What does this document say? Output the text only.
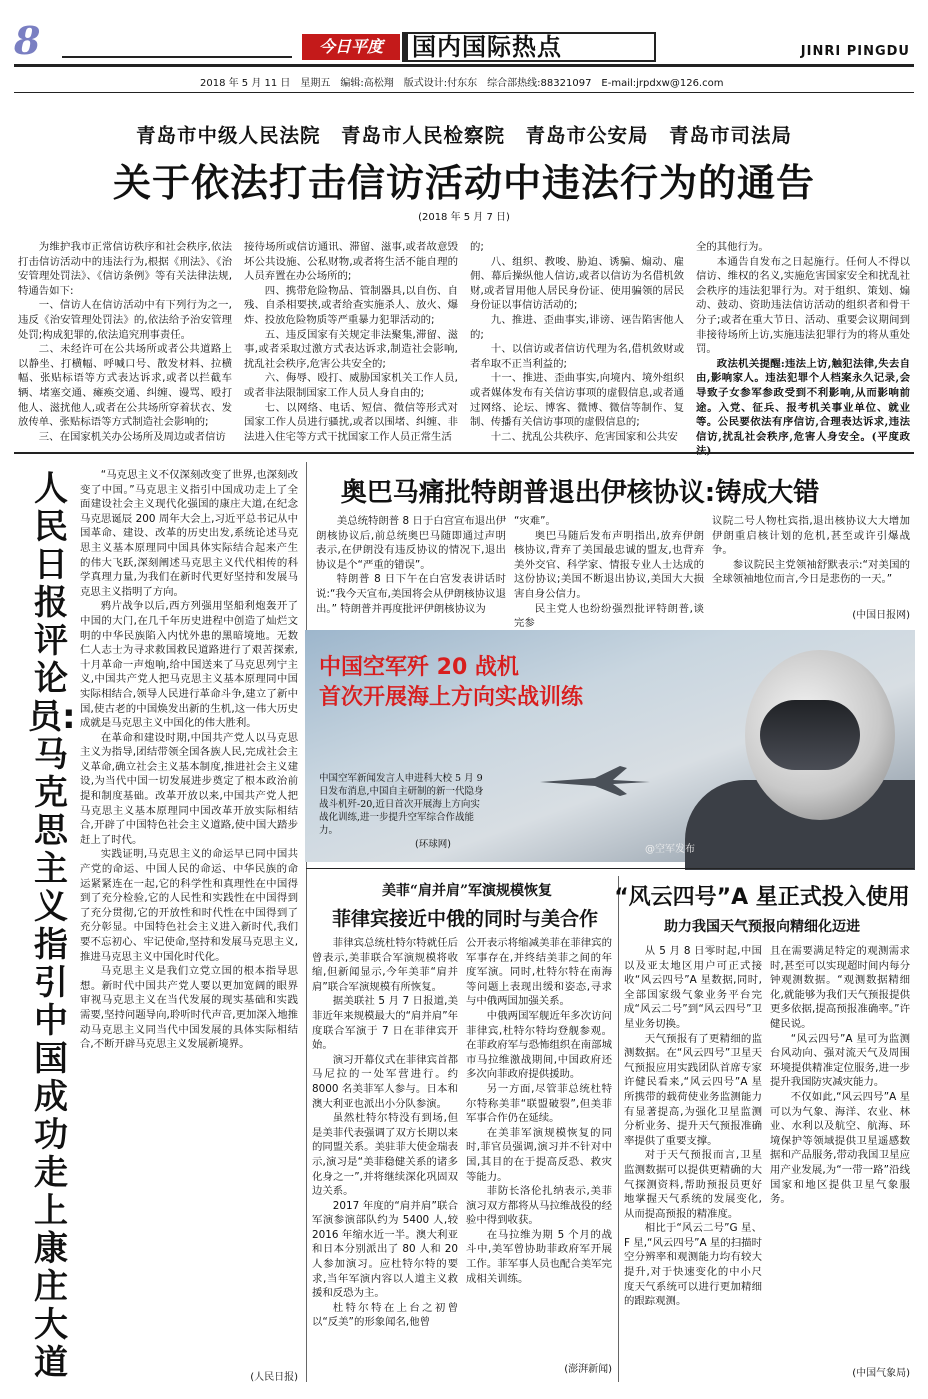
8	今日平度	国内国际热点	JINRI PINGDU
2018 年 5 月 11 日　星期五　编辑:高松翔　版式设计:付东东　综合部热线:88321097　E-mail:jrpdxw@126.com
青岛市中级人民法院　青岛市人民检察院　青岛市公安局　青岛市司法局
关于依法打击信访活动中违法行为的通告
(2018 年 5 月 7 日)

为维护我市正常信访秩序和社会秩序,依法打击信访活动中的违法行为,根据《刑法》、《治安管理处罚法》、《信访条例》等有关法律法规,特通告如下:

一、信访人在信访活动中有下列行为之一,违反《治安管理处罚法》的,依法给予治安管理处罚;构成犯罪的,依法追究刑事责任。

二、未经许可在公共场所或者公共道路上以静坐、打横幅、呼喊口号、散发材料、拉横幅、张贴标语等方式表达诉求,或者以拦截车辆、堵塞交通、瘫痪交通、纠缠、谩骂、殴打他人、滋扰他人,或者在公共场所穿着状衣、发放传单、张贴标语等方式制造社会影响的;

三、在国家机关办公场所及周边或者信访

接待场所或信访通讯、滞留、滋事,或者故意毁坏公共设施、公私财物,或者将生活不能自理的人员弃置在办公场所的;

四、携带危险物品、管制器具,以自伤、自残、自杀相要挟,或者给查实施杀人、放火、爆炸、投放危险物质等严重暴力犯罪活动的;

五、违反国家有关规定非法聚集,滞留、滋事,或者采取过激方式表达诉求,制造社会影响,扰乱社会秩序,危害公共安全的;

六、侮辱、殴打、威胁国家机关工作人员,或者非法限制国家工作人员人身自由的;

七、以网络、电话、短信、微信等形式对国家工作人员进行骚扰,或者以围堵、纠缠、非法进入住宅等方式干扰国家工作人员正常生活

的;

八、组织、教唆、胁迫、诱骗、煽动、雇佣、幕后操纵他人信访,或者以信访为名借机敛财,或者冒用他人居民身份证、使用骗领的居民身份证以事信访活动的;

九、推进、歪曲事实,诽谤、诬告陷害他人的;

十、以信访或者信访代理为名,借机敛财或者牟取不正当利益的;

十一、推进、歪曲事实,向境内、境外组织或者媒体发布有关信访事项的虚假信息,或者通过网络、论坛、博客、微博、微信等制作、复制、传播有关信访事项的虚假信息的;

十二、扰乱公共秩序、危害国家和公共安

全的其他行为。

本通告自发布之日起施行。任何人不得以信访、维权的名义,实施危害国家安全和扰乱社会秩序的违法犯罪行为。对于组织、策划、煽动、鼓动、资助违法信访活动的组织者和骨干分子;或者在重大节日、活动、重要会议期间到非接待场所上访,实施违法犯罪行为的将从重处罚。

政法机关提醒:违法上访,触犯法律,失去自由,影响家人。违法犯罪个人档案永久记录,会导致子女参军参政受到不利影响,从而影响前途。入党、征兵、报考机关事业单位、就业等。公民要依法有序信访,合理表达诉求,违法信访,扰乱社会秩序,危害人身安全。(平度政

人民日报评论员:马克思主义指引中国成功走上康庄大道

“马克思主义不仅深刻改变了世界,也深刻改变了中国。”马克思主义指引中国成功走上了全面建设社会主义现代化强国的康庄大道,在纪念马克思诞辰 200 周年大会上,习近平总书记从中国革命、建设、改革的历史出发,系统论述马克思主义基本原理同中国具体实际结合起来产生的伟大飞跃,深刻阐述马克思主义代代相传的科学真理力量,为我们在新时代更好坚持和发展马克思主义指明了方向。

鸦片战争以后,西方列强用坚船利炮轰开了中国的大门,在几千年历史进程中创造了灿烂文明的中华民族陷入内忧外患的黑暗境地。无数仁人志士为寻求救国救民道路进行了艰苦探索,十月革命一声炮响,给中国送来了马克思列宁主义,中国共产党人把马克思主义基本原理同中国实际相结合,领导人民进行革命斗争,建立了新中国,使古老的中国焕发出新的生机,这一伟大历史成就是马克思主义中国化的伟大胜利。

在革命和建设时期,中国共产党人以马克思主义为指导,团结带领全国各族人民,完成社会主义革命,确立社会主义基本制度,推进社会主义建设,为当代中国一切发展进步奠定了根本政治前提和制度基础。改革开放以来,中国共产党人把马克思主义基本原理同中国改革开放实际相结合,开辟了中国特色社会主义道路,使中国大踏步赶上了时代。

实践证明,马克思主义的命运早已同中国共产党的命运、中国人民的命运、中华民族的命运紧紧连在一起,它的科学性和真理性在中国得到了充分检验,它的人民性和实践性在中国得到了充分贯彻,它的开放性和时代性在中国得到了充分彰显。中国特色社会主义进入新时代,我们要不忘初心、牢记使命,坚持和发展马克思主义,推进马克思主义中国化时代化。

马克思主义是我们立党立国的根本指导思想。新时代中国共产党人要以更加宽阔的眼界审视马克思主义在当代发展的现实基础和实践需要,坚持问题导向,聆听时代声音,更加深入地推动马克思主义同当代中国发展的具体实际相结合,不断开辟马克思主义发展新境界。

(人民日报)
奥巴马痛批特朗普退出伊核协议:铸成大错

美总统特朗普 8 日于白宫宣布退出伊朗核协议后,前总统奥巴马随即通过声明表示,在伊朗没有违反协议的情况下,退出协议是个“严重的错误”。

特朗普 8 日下午在白宫发表讲话时说:“我今天宣布,美国将会从伊朗核协议退出。” 特朗普并再度批评伊朗核协议为

“灾难”。

奥巴马随后发布声明指出,放弃伊朗核协议,背弃了美国最忠诚的盟友,也背弃美外交官、科学家、情报专业人士达成的这份协议;美国不断退出协议,美国大大损害自身公信力。

民主党人也纷纷强烈批评特朗普,谈完参

议院二号人物杜宾指,退出核协议大大增加伊朗重启核计划的危机,甚至或许引爆战争。

参议院民主党领袖舒默表示:“对美国的全球领袖地位而言,今日是悲伤的一天。”

(中国日报网)
中国空军歼 20 战机
首次开展海上方向实战训练
中国空军新闻发言人申进科大校 5 月 9 日发布消息,中国自主研制的新一代隐身战斗机歼-20,近日首次开展海上方向实战化训练,进一步提升空军综合作战能力。
(环球网)	@空军发布
美菲“肩并肩”军演规模恢复
菲律宾接近中俄的同时与美合作

菲律宾总统杜特尔特就任后曾表示,美菲联合军演规模将收缩,但新闻显示,今年美菲“肩并肩”联合军演规模有所恢复。

据美联社 5 月 7 日报道,美菲近年来规模最大的“肩并肩”年度联合军演于 7 日在菲律宾开始。

演习开幕仪式在菲律宾首都马尼拉的一处军营进行。约 8000 名美菲军人参与。日本和澳大利亚也派出小分队参演。

虽然杜特尔特没有到场,但是美菲代表强调了双方长期以来的同盟关系。美驻菲大使金瑞表示,演习是“美菲稳健关系的诸多化身之一”,并将继续深化巩固双边关系。

2017 年度的“肩并肩”联合军演参演部队约为 5400 人,较 2016 年缩水近一半。澳大利亚和日本分别派出了 80 人和 20 人参加演习。应杜特尔特的要求,当年军演内容以人道主义救援和反恐为主。

杜特尔特在上台之初曾以“反美”的形象闻名,他曾

公开表示将缩减美菲在菲律宾的军事存在,并终结美菲之间的年度军演。同时,杜特尔特在南海等问题上表现出缓和姿态,寻求与中俄两国加强关系。

中俄两国军舰近年多次访问菲律宾,杜特尔特均登舰参观。在菲政府军与恐怖组织在南部城市马拉维激战期间,中国政府还多次向菲政府提供援助。

另一方面,尽管菲总统杜特尔特称美菲“联盟破裂”,但美菲军事合作仍在延续。

在美菲军演规模恢复的同时,菲官员强调,演习并不针对中国,其目的在于提高反恐、救灾等能力。

菲防长洛伦扎纳表示,美菲演习双方都将从马拉维战役的经验中得到收获。

在马拉维为期 5 个月的战斗中,美军曾协助菲政府军开展工作。菲军事人员也配合美军完成相关训练。

(澎湃新闻)
“风云四号”A 星正式投入使用
助力我国天气预报向精细化迈进

从 5 月 8 日零时起,中国以及亚太地区用户可正式接收“风云四号”A 星数据,同时,全部国家级气象业务平台完成“风云二号”到“风云四号”卫星业务切换。

天气预报有了更精细的监测数据。在“风云四号”卫星天气预报应用实践团队首席专家许健民看来,“风云四号”A 星所携带的载荷使业务监测能力有显著提高,为强化卫星监测分析业务、提升天气预报准确率提供了重要支撑。

对于天气预报而言,卫星监测数据可以提供更精确的大气探测资料,帮助预报员更好地掌握天气系统的发展变化,从而提高预报的精准度。

相比于“风云二号”G 星、F 星,“风云四号”A 星的扫描时空分辨率和观测能力均有较大提升,对于快速变化的中小尺度天气系统可以进行更加精细的跟踪观测。

且在需要满足特定的观测需求时,甚至可以实现超时间内每分钟观测数据。“观测数据精细化,就能够为我们天气预报提供更多依据,提高预报准确率。”许健民说。

“风云四号”A 星可为监测台风动向、强对流天气及周围环境提供精准定位服务,进一步提升我国防灾减灾能力。

不仅如此,“风云四号”A 星可以为气象、海洋、农业、林业、水利以及航空、航海、环境保护等领域提供卫星遥感数据和产品服务,带动我国卫星应用产业发展,为“一带一路”沿线国家和地区提供卫星气象服务。

(中国气象局)
